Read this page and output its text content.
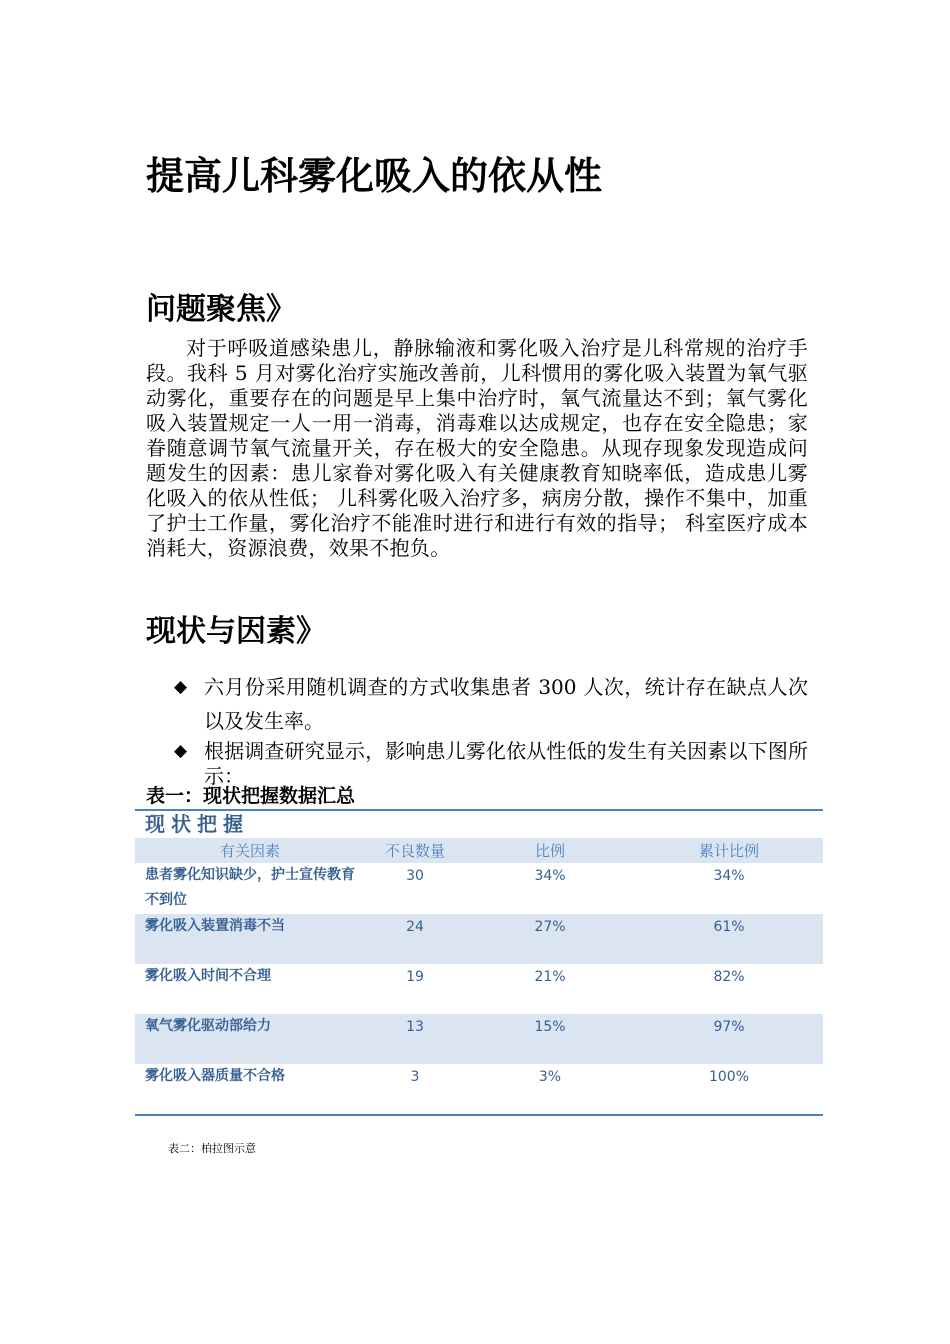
提高儿科雾化吸入的依从性
问题聚焦》

对于呼吸道感染患儿，静脉输液和雾化吸入治疗是儿科常规的治疗手段。我科 5 月对雾化治疗实施改善前，儿科惯用的雾化吸入装置为氧气驱动雾化，重要存在的问题是早上集中治疗时，氧气流量达不到；氧气雾化吸入装置规定一人一用一消毒，消毒难以达成规定，也存在安全隐患；家眷随意调节氧气流量开关，存在极大的安全隐患。从现存现象发现造成问题发生的因素：患儿家眷对雾化吸入有关健康教育知晓率低，造成患儿雾化吸入的依从性低； 儿科雾化吸入治疗多，病房分散，操作不集中，加重了护士工作量，雾化治疗不能准时进行和进行有效的指导； 科室医疗成本消耗大，资源浪费，效果不抱负。

现状与因素》
◆ 六月份采用随机调查的方式收集患者 300 人次，统计存在缺点人次以及发生率。
◆ 根据调查研究显示，影响患儿雾化依从性低的发生有关因素以下图所示：

表一：现状把握数据汇总

现状把握
有关因素	不良数量	比例	累计比例
患者雾化知识缺少，护士宣传教育不到位	30	34%	34%
雾化吸入装置消毒不当	24	27%	61%
雾化吸入时间不合理	19	21%	82%
氧气雾化驱动部给力	13	15%	97%
雾化吸入器质量不合格	3	3%	100%

表二：柏拉图示意
